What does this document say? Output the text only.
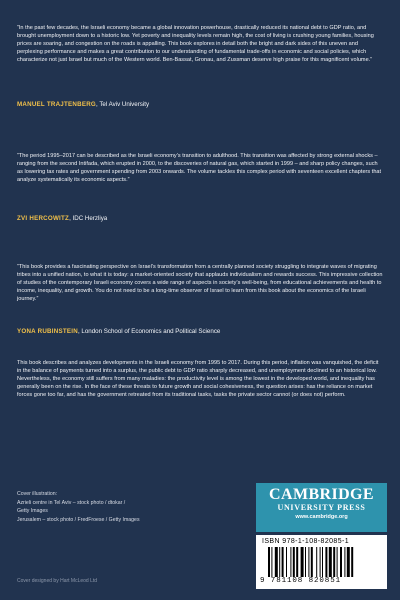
“In the past few decades, the Israeli economy became a global innovation powerhouse, drastically reduced its national debt to GDP ratio, and brought unemployment down to a historic low. Yet poverty and inequality levels remain high, the cost of living is crushing young families, housing prices are soaring, and congestion on the roads is appalling. This book explores in detail both the bright and dark sides of this uneven and perplexing performance and makes a great contribution to our understanding of fundamental trade-offs in economic and social policies, which characterize not just Israel but much of the Western world. Ben-Bassat, Gronau, and Zussman deserve high praise for this magnificent volume.”

MANUEL TRAJTENBERG, Tel Aviv University

“The period 1995–2017 can be described as the Israeli economy’s transition to adulthood. This transition was affected by strong external shocks – ranging from the second Intifada, which erupted in 2000, to the discoveries of natural gas, which started in 1999 – and sharp policy changes, such as lowering tax rates and government spending from 2003 onwards. The volume tackles this complex period with seventeen excellent chapters that analyze systematically its economic aspects.”

ZVI HERCOWITZ, IDC Herzliya

“This book provides a fascinating perspective on Israel’s transformation from a centrally planned society struggling to integrate waves of migrating tribes into a unified nation, to what it is today: a market-oriented society that applauds individualism and rewards success. This impressive collection of studies of the contemporary Israeli economy covers a wide range of aspects in society’s well-being, from educational achievements and health to income, inequality, and growth. You do not need to be a long-time observer of Israel to learn from this book about the economics of the Israeli journey.”

YONA RUBINSTEIN, London School of Economics and Political Science

This book describes and analyzes developments in the Israeli economy from 1995 to 2017. During this period, inflation was vanquished, the deficit in the balance of payments turned into a surplus, the public debt to GDP ratio sharply decreased, and unemployment declined to an historical low. Nevertheless, the economy still suffers from many maladies: the productivity level is among the lowest in the developed world, and inequality has generally been on the rise. In the face of these threats to future growth and social cohesiveness, the question arises: has the reliance on market forces gone too far, and has the government retreated from its traditional tasks, tasks the private sector cannot (or does not) perform.

Cover illustration:
Azrieli centre in Tel Aviv – stock photo / dtokar /
Getty Images
Jerusalem – stock photo / FredFroese / Getty Images
Cover designed by Hart McLeod Ltd
CAMBRIDGE
UNIVERSITY PRESS
www.cambridge.org
ISBN 978-1-108-82085-1
9 781108 820851
